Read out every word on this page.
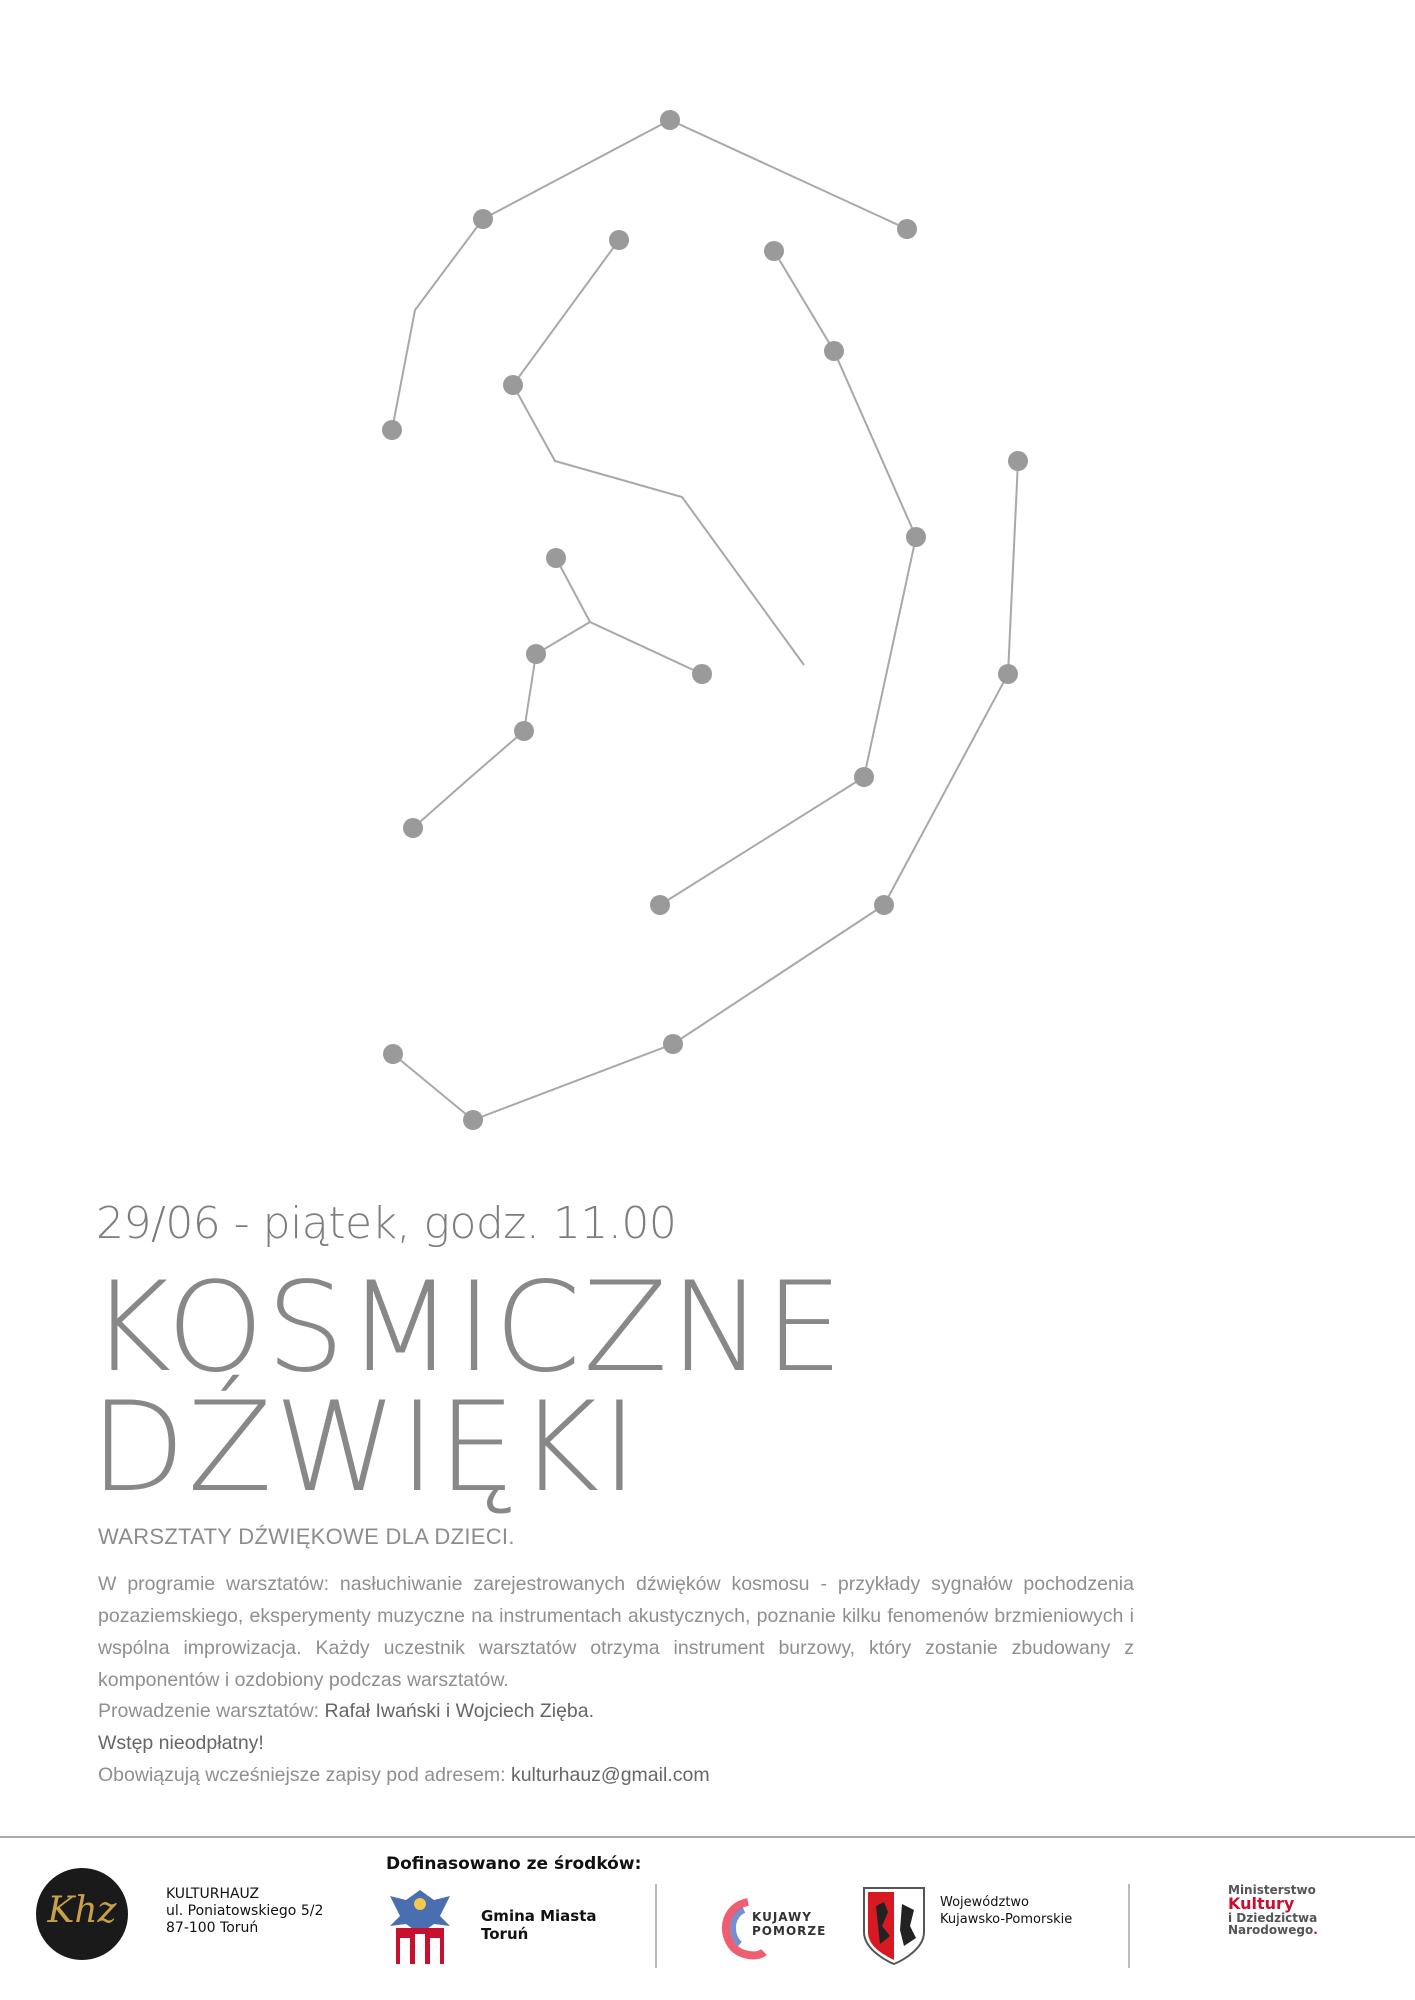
29/06 - piątek, godz. 11.00
KOSMICZNE
DŹWIĘKI
WARSZTATY DŹWIĘKOWE DLA DZIECI.
W programie warsztatów: nasłuchiwanie zarejestrowanych dźwięków kosmosu - przykłady sygnałów pochodzenia pozaziemskiego, eksperymenty muzyczne na instrumentach akustycznych, poznanie kilku fenomenów brzmieniowych i wspólna improwizacja. Każdy uczestnik warsztatów otrzyma instrument burzowy, który zostanie zbudowany z komponentów i ozdobiony podczas warsztatów.
Prowadzenie warsztatów: Rafał Iwański i Wojciech Zięba.
Wstęp nieodpłatny!
Obowiązują wcześniejsze zapisy pod adresem: kulturhauz@gmail.com
Khz	KULTURHAUZ
ul. Poniatowskiego 5/2
87-100 Toruń
Dofinasowano ze środków:
Gmina Miasta
Toruń
KUJAWY
POMORZE
Województwo
Kujawsko-Pomorskie
Ministerstwo
Kultury
i Dziedzictwa
Narodowego.
